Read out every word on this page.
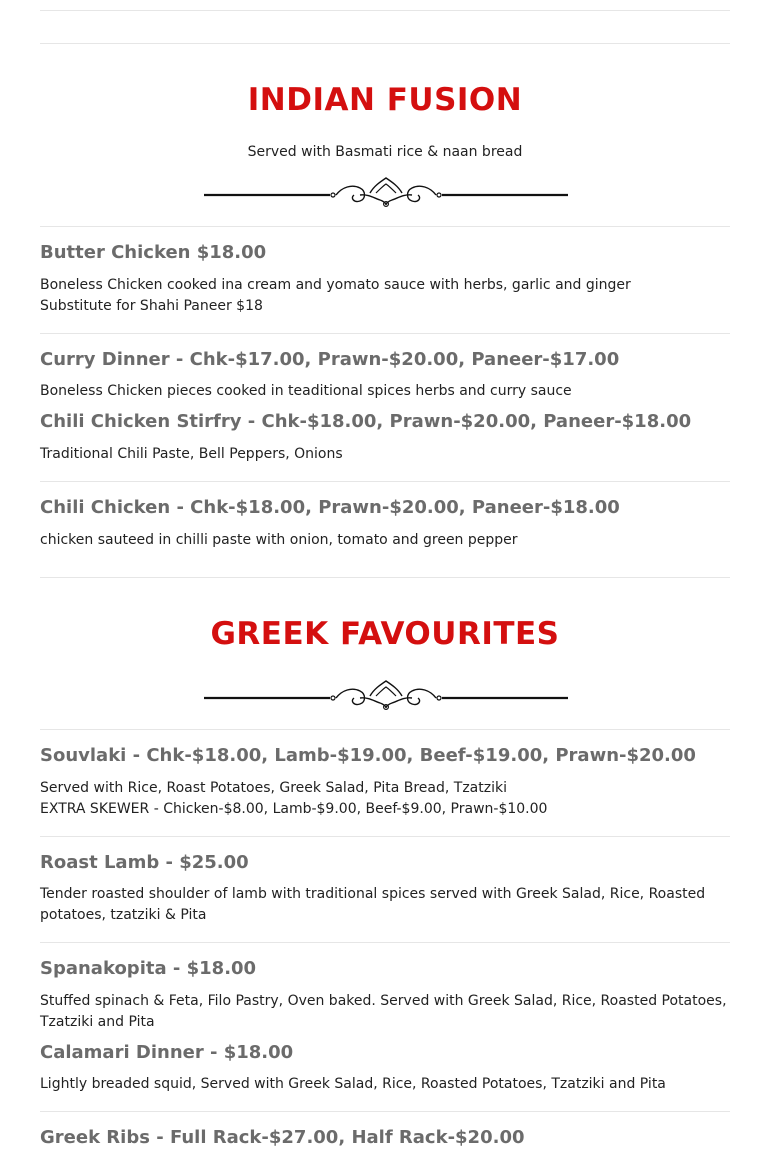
INDIAN FUSION
Served with Basmati rice & naan bread
Butter Chicken $18.00
Boneless Chicken cooked ina cream and yomato sauce with herbs, garlic and ginger
Substitute for Shahi Paneer $18
Curry Dinner - Chk-$17.00, Prawn-$20.00, Paneer-$17.00
Boneless Chicken pieces cooked in teaditional spices herbs and curry sauce
Chili Chicken Stirfry - Chk-$18.00, Prawn-$20.00, Paneer-$18.00
Traditional Chili Paste, Bell Peppers, Onions
Chili Chicken - Chk-$18.00, Prawn-$20.00, Paneer-$18.00
chicken sauteed in chilli paste with onion, tomato and green pepper
GREEK FAVOURITES
Souvlaki - Chk-$18.00, Lamb-$19.00, Beef-$19.00, Prawn-$20.00
Served with Rice, Roast Potatoes, Greek Salad, Pita Bread, Tzatziki
EXTRA SKEWER - Chicken-$8.00, Lamb-$9.00, Beef-$9.00, Prawn-$10.00
Roast Lamb - $25.00
Tender roasted shoulder of lamb with traditional spices served with Greek Salad, Rice, Roasted
potatoes, tzatziki & Pita
Spanakopita - $18.00
Stuffed spinach & Feta, Filo Pastry, Oven baked. Served with Greek Salad, Rice, Roasted Potatoes,
Tzatziki and Pita
Calamari Dinner - $18.00
Lightly breaded squid, Served with Greek Salad, Rice, Roasted Potatoes, Tzatziki and Pita
Greek Ribs - Full Rack-$27.00, Half Rack-$20.00
